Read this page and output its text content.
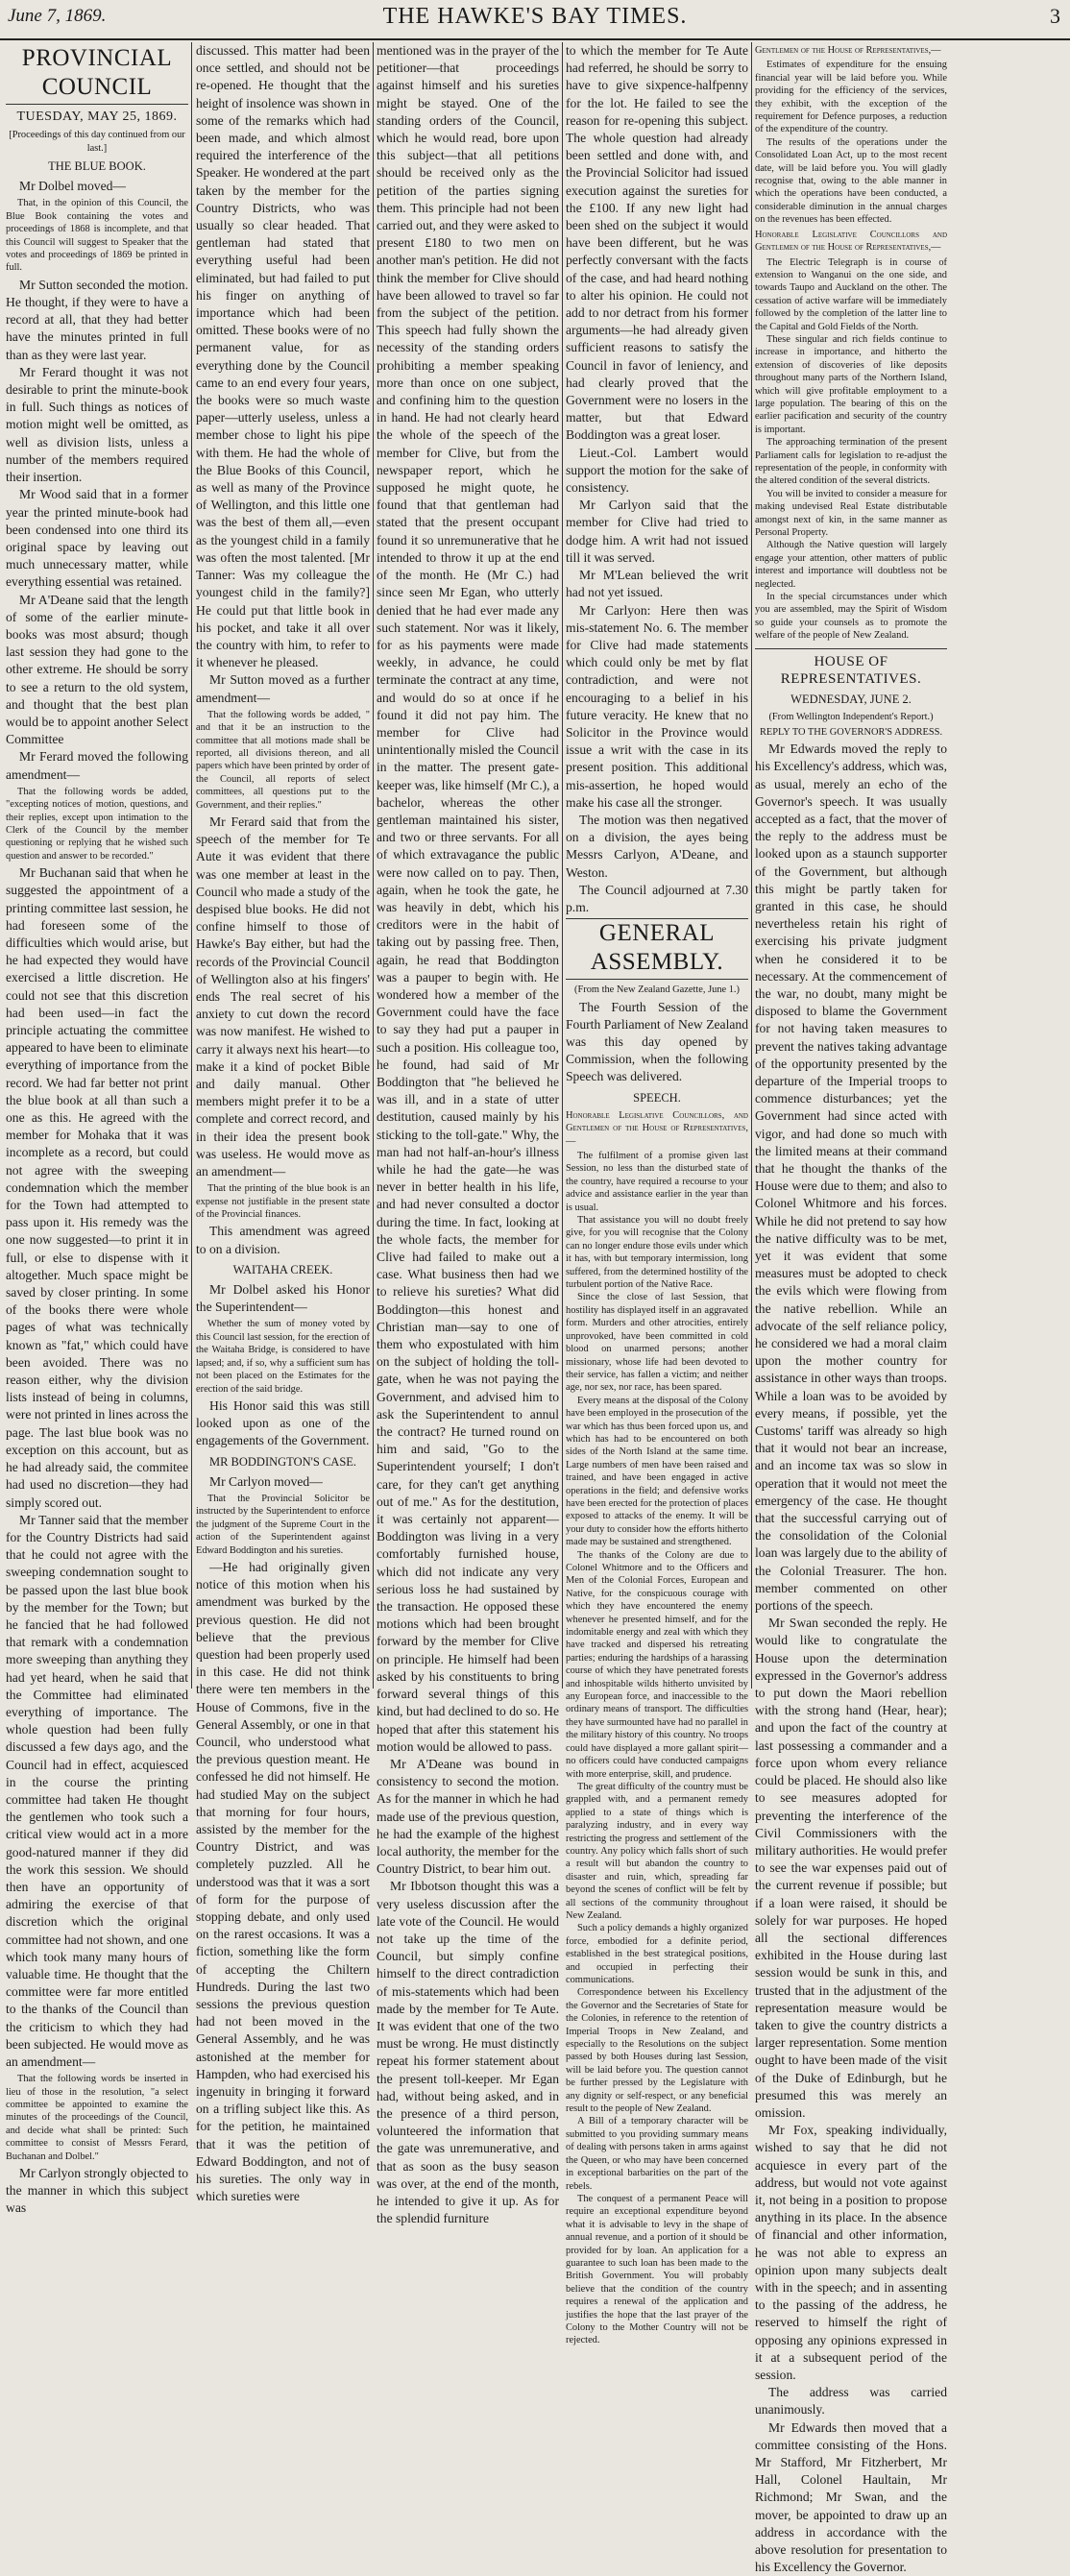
June 7, 1869.	THE HAWKE'S BAY TIMES.	3
PROVINCIAL COUNCIL
TUESDAY, MAY 25, 1869.
[Proceedings of this day continued from our last.]
THE BLUE BOOK.

Mr Dolbel moved—

That, in the opinion of this Council, the Blue Book containing the votes and proceedings of 1868 is incomplete, and that this Council will suggest to Speaker that the votes and proceedings of 1869 be printed in full.

Mr Sutton seconded the motion. He thought, if they were to have a record at all, that they had better have the minutes printed in full than as they were last year.

Mr Ferard thought it was not desirable to print the minute-book in full. Such things as notices of motion might well be omitted, as well as division lists, unless a number of the members required their insertion.

Mr Wood said that in a former year the printed minute-book had been condensed into one third its original space by leaving out much unnecessary matter, while everything essential was retained.

Mr A'Deane said that the length of some of the earlier minute-books was most absurd; though last session they had gone to the other extreme. He should be sorry to see a return to the old system, and thought that the best plan would be to appoint another Select Committee

Mr Ferard moved the following amendment—

That the following words be added, "excepting notices of motion, questions, and their replies, except upon intimation to the Clerk of the Council by the member questioning or replying that he wished such question and answer to be recorded."

Mr Buchanan said that when he suggested the appointment of a printing committee last session, he had foreseen some of the difficulties which would arise, but he had expected they would have exercised a little discretion. He could not see that this discretion had been used—in fact the principle actuating the committee appeared to have been to eliminate everything of importance from the record. We had far better not print the blue book at all than such a one as this. He agreed with the member for Mohaka that it was incomplete as a record, but could not agree with the sweeping condemnation which the member for the Town had attempted to pass upon it. His remedy was the one now suggested—to print it in full, or else to dispense with it altogether. Much space might be saved by closer printing. In some of the books there were whole pages of what was technically known as "fat," which could have been avoided. There was no reason either, why the division lists instead of being in columns, were not printed in lines across the page. The last blue book was no exception on this account, but as he had already said, the commitee had used no discretion—they had simply scored out.

Mr Tanner said that the member for the Country Districts had said that he could not agree with the sweeping condemnation sought to be passed upon the last blue book by the member for the Town; but he fancied that he had followed that remark with a condemnation more sweeping than anything they had yet heard, when he said that the Committee had eliminated everything of importance. The whole question had been fully discussed a few days ago, and the Council had in effect, acquiesced in the course the printing committee had taken He thought the gentlemen who took such a critical view would act in a more good-natured manner if they did the work this session. We should then have an opportunity of admiring the exercise of that discretion which the original committee had not shown, and one which took many many hours of valuable time. He thought that the committee were far more entitled to the thanks of the Council than the criticism to which they had been subjected. He would move as an amendment—

That the following words be inserted in lieu of those in the resolution, "a select committee be appointed to examine the minutes of the proceedings of the Council, and decide what shall be printed: Such committee to consist of Messrs Ferard, Buchanan and Dolbel."

Mr Carlyon strongly objected to the manner in which this subject was

discussed. This matter had been once settled, and should not be re-opened. He thought that the height of insolence was shown in some of the remarks which had been made, and which almost required the interference of the Speaker. He wondered at the part taken by the member for the Country Districts, who was usually so clear headed. That gentleman had stated that everything useful had been eliminated, but had failed to put his finger on anything of importance which had been omitted. These books were of no permanent value, for as everything done by the Council came to an end every four years, the books were so much waste paper—utterly useless, unless a member chose to light his pipe with them. He had the whole of the Blue Books of this Council, as well as many of the Province of Wellington, and this little one was the best of them all,—even as the youngest child in a family was often the most talented. [Mr Tanner: Was my colleague the youngest child in the family?] He could put that little book in his pocket, and take it all over the country with him, to refer to it whenever he pleased.

Mr Sutton moved as a further amendment—

That the following words be added, " and that it be an instruction to the committee that all motions made shall be reported, all divisions thereon, and all papers which have been printed by order of the Council, all reports of select committees, all questions put to the Government, and their replies."

Mr Ferard said that from the speech of the member for Te Aute it was evident that there was one member at least in the Council who made a study of the despised blue books. He did not confine himself to those of Hawke's Bay either, but had the records of the Provincial Council of Wellington also at his fingers' ends The real secret of his anxiety to cut down the record was now manifest. He wished to carry it always next his heart—to make it a kind of pocket Bible and daily manual. Other members might prefer it to be a complete and correct record, and in their idea the present book was useless. He would move as an amendment—

That the printing of the blue book is an expense not justifiable in the present state of the Provincial finances.

This amendment was agreed to on a division.

WAITAHA CREEK.

Mr Dolbel asked his Honor the Superintendent—

Whether the sum of money voted by this Council last session, for the erection of the Waitaha Bridge, is considered to have lapsed; and, if so, why a sufficient sum has not been placed on the Estimates for the erection of the said bridge.

His Honor said this was still looked upon as one of the engagements of the Government.

MR BODDINGTON'S CASE.

Mr Carlyon moved—

That the Provincial Solicitor be instructed by the Superintendent to enforce the judgment of the Supreme Court in the action of the Superintendent against Edward Boddington and his sureties.

—He had originally given notice of this motion when his amendment was burked by the previous question. He did not believe that the previous question had been properly used in this case. He did not think there were ten members in the House of Commons, five in the General Assembly, or one in that Council, who understood what the previous question meant. He confessed he did not himself. He had studied May on the subject that morning for four hours, assisted by the member for the Country District, and was completely puzzled. All he understood was that it was a sort of form for the purpose of stopping debate, and only used on the rarest occasions. It was a fiction, something like the form of accepting the Chiltern Hundreds. During the last two sessions the previous question had not been moved in the General Assembly, and he was astonished at the member for Hampden, who had exercised his ingenuity in bringing it forward on a trifling subject like this. As for the petition, he maintained that it was the petition of Edward Boddington, and not of his sureties. The only way in which sureties were

mentioned was in the prayer of the petitioner—that proceedings against himself and his sureties might be stayed. One of the standing orders of the Council, which he would read, bore upon this subject—that all petitions should be received only as the petition of the parties signing them. This principle had not been carried out, and they were asked to present £180 to two men on another man's petition. He did not think the member for Clive should have been allowed to travel so far from the subject of the petition. This speech had fully shown the necessity of the standing orders prohibiting a member speaking more than once on one subject, and confining him to the question in hand. He had not clearly heard the whole of the speech of the member for Clive, but from the newspaper report, which he supposed he might quote, he found that that gentleman had stated that the present occupant found it so unremunerative that he intended to throw it up at the end of the month. He (Mr C.) had since seen Mr Egan, who utterly denied that he had ever made any such statement. Nor was it likely, for as his payments were made weekly, in advance, he could terminate the contract at any time, and would do so at once if he found it did not pay him. The member for Clive had unintentionally misled the Council in the matter. The present gate-keeper was, like himself (Mr C.), a bachelor, whereas the other gentleman maintained his sister, and two or three servants. For all of which extravagance the public were now called on to pay. Then, again, when he took the gate, he was heavily in debt, which his creditors were in the habit of taking out by passing free. Then, again, he read that Boddington was a pauper to begin with. He wondered how a member of the Government could have the face to say they had put a pauper in such a position. His colleague too, he found, had said of Mr Boddington that "he believed he was ill, and in a state of utter destitution, caused mainly by his sticking to the toll-gate." Why, the man had not half-an-hour's illness while he had the gate—he was never in better health in his life, and had never consulted a doctor during the time. In fact, looking at the whole facts, the member for Clive had failed to make out a case. What business then had we to relieve his sureties? What did Boddington—this honest and Christian man—say to one of them who expostulated with him on the subject of holding the toll-gate, when he was not paying the Government, and advised him to ask the Superintendent to annul the contract? He turned round on him and said, "Go to the Superintendent yourself; I don't care, for they can't get anything out of me." As for the destitution, it was certainly not apparent—Boddington was living in a very comfortably furnished house, which did not indicate any very serious loss he had sustained by the transaction. He opposed these motions which had been brought forward by the member for Clive on principle. He himself had been asked by his constituents to bring forward several things of this kind, but had declined to do so. He hoped that after this statement his motion would be allowed to pass.

Mr A'Deane was bound in consistency to second the motion. As for the manner in which he had made use of the previous question, he had the example of the highest local authority, the member for the Country District, to bear him out.

Mr Ibbotson thought this was a very useless discussion after the late vote of the Council. He would not take up the time of the Council, but simply confine himself to the direct contradiction of mis-statements which had been made by the member for Te Aute. It was evident that one of the two must be wrong. He must distinctly repeat his former statement about the present toll-keeper. Mr Egan had, without being asked, and in the presence of a third person, volunteered the information that the gate was unremunerative, and that as soon as the busy season was over, at the end of the month, he intended to give it up. As for the splendid furniture

to which the member for Te Aute had referred, he should be sorry to have to give sixpence-halfpenny for the lot. He failed to see the reason for re-opening this subject. The whole question had already been settled and done with, and the Provincial Solicitor had issued execution against the sureties for the £100. If any new light had been shed on the subject it would have been different, but he was perfectly conversant with the facts of the case, and had heard nothing to alter his opinion. He could not add to nor detract from his former arguments—he had already given sufficient reasons to satisfy the Council in favor of leniency, and had clearly proved that the Government were no losers in the matter, but that Edward Boddington was a great loser.

Lieut.-Col. Lambert would support the motion for the sake of consistency.

Mr Carlyon said that the member for Clive had tried to dodge him. A writ had not issued till it was served.

Mr M'Lean believed the writ had not yet issued.

Mr Carlyon: Here then was mis-statement No. 6. The member for Clive had made statements which could only be met by flat contradiction, and were not encouraging to a belief in his future veracity. He knew that no Solicitor in the Province would issue a writ with the case in its present position. This additional mis-assertion, he hoped would make his case all the stronger.

The motion was then negatived on a division, the ayes being Messrs Carlyon, A'Deane, and Weston.

The Council adjourned at 7.30 p.m.

GENERAL ASSEMBLY.
(From the New Zealand Gazette, June 1.)

The Fourth Session of the Fourth Parliament of New Zealand was this day opened by Commission, when the following Speech was delivered.

SPEECH.
Honorable Legislative Councillors, and Gentlemen of the House of Representatives,—

The fulfilment of a promise given last Session, no less than the disturbed state of the country, have required a recourse to your advice and assistance earlier in the year than is usual.

That assistance you will no doubt freely give, for you will recognise that the Colony can no longer endure those evils under which it has, with but temporary intermission, long suffered, from the determined hostility of the turbulent portion of the Native Race.

Since the close of last Session, that hostility has displayed itself in an aggravated form. Murders and other atrocities, entirely unprovoked, have been committed in cold blood on unarmed persons; another missionary, whose life had been devoted to their service, has fallen a victim; and neither age, nor sex, nor race, has been spared.

Every means at the disposal of the Colony have been employed in the prosecution of the war which has thus been forced upon us, and which has had to be encountered on both sides of the North Island at the same time. Large numbers of men have been raised and trained, and have been engaged in active operations in the field; and defensive works have been erected for the protection of places exposed to attacks of the enemy. It will be your duty to consider how the efforts hitherto made may be sustained and strengthened.

The thanks of the Colony are due to Colonel Whitmore and to the Officers and Men of the Colonial Forces, European and Native, for the conspicuous courage with which they have encountered the enemy whenever he presented himself, and for the indomitable energy and zeal with which they have tracked and dispersed his retreating parties; enduring the hardships of a harassing course of which they have penetrated forests and inhospitable wilds hitherto unvisited by any European force, and inaccessible to the ordinary means of transport. The difficulties they have surmounted have had no parallel in the military history of this country. No troops could have displayed a more gallant spirit—no officers could have conducted campaigns with more enterprise, skill, and prudence.

The great difficulty of the country must be grappled with, and a permanent remedy applied to a state of things which is paralyzing industry, and in every way restricting the progress and settlement of the country. Any policy which falls short of such a result will but abandon the country to disaster and ruin, which, spreading far beyond the scenes of conflict will be felt by all sections of the community throughout New Zealand.

Such a policy demands a highly organized force, embodied for a definite period, established in the best strategical positions, and occupied in perfecting their communications.

Correspondence between his Excellency the Governor and the Secretaries of State for the Colonies, in reference to the retention of Imperial Troops in New Zealand, and especially to the Resolutions on the subject passed by both Houses during last Session, will be laid before you. The question cannot be further pressed by the Legislature with any dignity or self-respect, or any beneficial result to the people of New Zealand.

A Bill of a temporary character will be submitted to you providing summary means of dealing with persons taken in arms against the Queen, or who may have been concerned in exceptional barbarities on the part of the rebels.

The conquest of a permanent Peace will require an exceptional expenditure beyond what it is advisable to levy in the shape of annual revenue, and a portion of it should be provided for by loan. An application for a guarantee to such loan has been made to the British Government. You will probably believe that the condition of the country requires a renewal of the application and justifies the hope that the last prayer of the Colony to the Mother Country will not be rejected.

Gentlemen of the House of Representatives,—

Estimates of expenditure for the ensuing financial year will be laid before you. While providing for the efficiency of the services, they exhibit, with the exception of the requirement for Defence purposes, a reduction of the expenditure of the country.

The results of the operations under the Consolidated Loan Act, up to the most recent date, will be laid before you. You will gladly recognise that, owing to the able manner in which the operations have been conducted, a considerable diminution in the annual charges on the revenues has been effected.

Honorable Legislative Councillors and Gentlemen of the House of Representatives,—

The Electric Telegraph is in course of extension to Wanganui on the one side, and towards Taupo and Auckland on the other. The cessation of active warfare will be immediately followed by the completion of the latter line to the Capital and Gold Fields of the North.

These singular and rich fields continue to increase in importance, and hitherto the extension of discoveries of like deposits throughout many parts of the Northern Island, which will give profitable employment to a large population. The bearing of this on the earlier pacification and security of the country is important.

The approaching termination of the present Parliament calls for legislation to re-adjust the representation of the people, in conformity with the altered condition of the several districts.

You will be invited to consider a measure for making undevised Real Estate distributable amongst next of kin, in the same manner as Personal Property.

Although the Native question will largely engage your attention, other matters of public interest and importance will doubtless not be neglected.

In the special circumstances under which you are assembled, may the Spirit of Wisdom so guide your counsels as to promote the welfare of the people of New Zealand.

HOUSE OF REPRESENTATIVES.
WEDNESDAY, JUNE 2.
(From Wellington Independent's Report.)
REPLY TO THE GOVERNOR'S ADDRESS.

Mr Edwards moved the reply to his Excellency's address, which was, as usual, merely an echo of the Governor's speech. It was usually accepted as a fact, that the mover of the reply to the address must be looked upon as a staunch supporter of the Government, but although this might be partly taken for granted in this case, he should nevertheless retain his right of exercising his private judgment when he considered it to be necessary. At the commencement of the war, no doubt, many might be disposed to blame the Government for not having taken measures to prevent the natives taking advantage of the opportunity presented by the departure of the Imperial troops to commence disturbances; yet the Government had since acted with vigor, and had done so much with the limited means at their command that he thought the thanks of the House were due to them; and also to Colonel Whitmore and his forces. While he did not pretend to say how the native difficulty was to be met, yet it was evident that some measures must be adopted to check the evils which were flowing from the native rebellion. While an advocate of the self reliance policy, he considered we had a moral claim upon the mother country for assistance in other ways than troops. While a loan was to be avoided by every means, if possible, yet the Customs' tariff was already so high that it would not bear an increase, and an income tax was so slow in operation that it would not meet the emergency of the case. He thought that the successful carrying out of the consolidation of the Colonial loan was largely due to the ability of the Colonial Treasurer. The hon. member commented on other portions of the speech.

Mr Swan seconded the reply. He would like to congratulate the House upon the determination expressed in the Governor's address to put down the Maori rebellion with the strong hand (Hear, hear); and upon the fact of the country at last possessing a commander and a force upon whom every reliance could be placed. He should also like to see measures adopted for preventing the interference of the Civil Commissioners with the military authorities. He would prefer to see the war expenses paid out of the current revenue if possible; but if a loan were raised, it should be solely for war purposes. He hoped all the sectional differences exhibited in the House during last session would be sunk in this, and trusted that in the adjustment of the representation measure would be taken to give the country districts a larger representation. Some mention ought to have been made of the visit of the Duke of Edinburgh, but he presumed this was merely an omission.

Mr Fox, speaking individually, wished to say that he did not acquiesce in every part of the address, but would not vote against it, not being in a position to propose anything in its place. In the absence of financial and other information, he was not able to express an opinion upon many subjects dealt with in the speech; and in assenting to the passing of the address, he reserved to himself the right of opposing any opinions expressed in it at a subsequent period of the session.

The address was carried unanimously.

Mr Edwards then moved that a committee consisting of the Hons. Mr Stafford, Mr Fitzherbert, Mr Hall, Colonel Haultain, Mr Richmond; Mr Swan, and the mover, be appointed to draw up an address in accordance with the above resolution for presentation to his Excellency the Governor.
